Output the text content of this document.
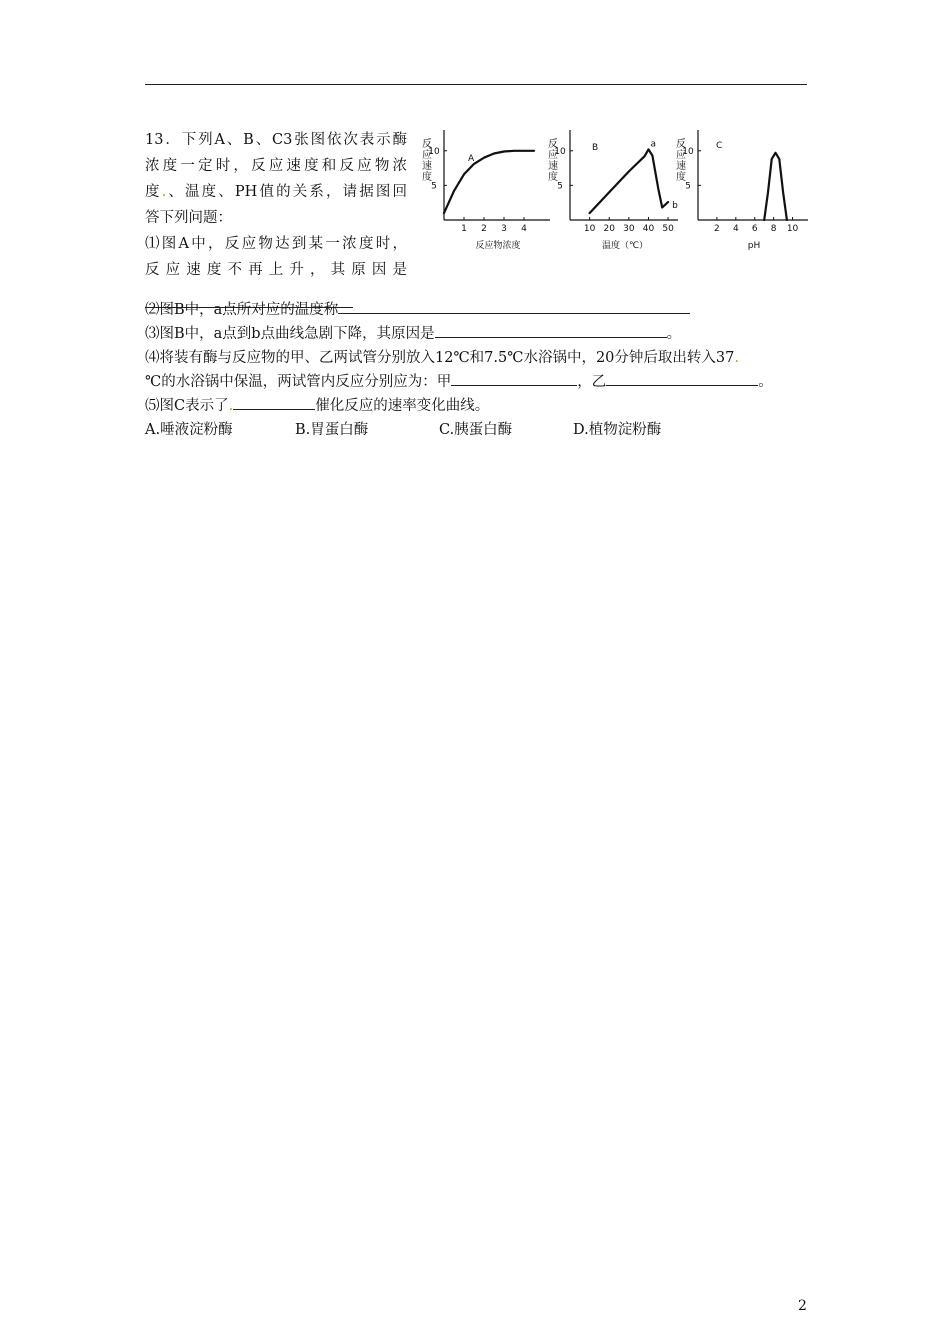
13．下列A、B、C3张图依次表示酶

浓度一定时，反应速度和反应物浓

度.、温度、PH值的关系，请据图回

答下列问题：

⑴图A中，反应物达到某一浓度时，

反应速度不再上升，其原因是

反
应
速
度
5
10
1 2 3 4
反应物浓度
A
反
应
速
度
5
10
10 20 30 40 50
温度（℃）
B	a
b
反
应
速
度
5
10
2 4 6 8 10
pH
C

⑵图B中，a点所对应的温度称

⑶图B中，a点到b点曲线急剧下降，其原因是	。

⑷将装有酶与反应物的甲、乙两试管分别放入12℃和7.5℃水浴锅中，20分钟后取出转入37.

℃的水浴锅中保温，两试管内反应分别应为：甲	，乙	。

⑸图C表示了.	催化反应的速率变化曲线。

A.唾液淀粉酶	B.胃蛋白酶	C.胰蛋白酶	D.植物淀粉酶

2
